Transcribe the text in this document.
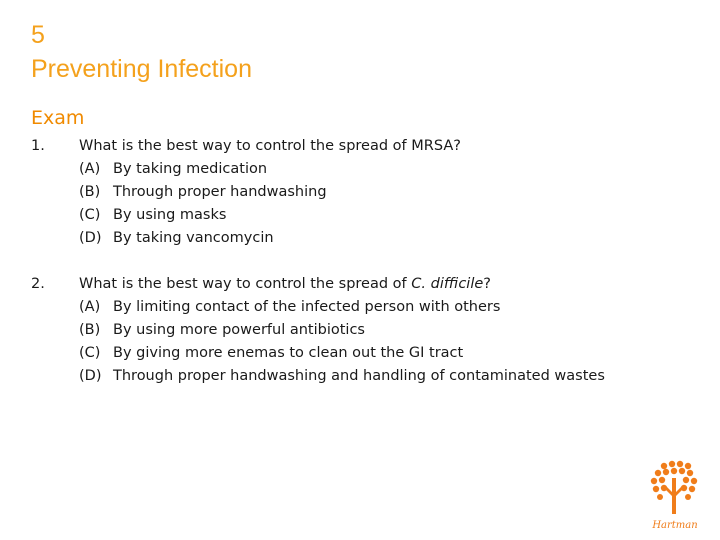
5
Preventing Infection
Exam
1.	What is the best way to control the spread of MRSA?
(A) By taking medication
(B) Through proper handwashing
(C) By using masks
(D) By taking vancomycin
2.	What is the best way to control the spread of C. difficile?
(A) By limiting contact of the infected person with others
(B) By using more powerful antibiotics
(C) By giving more enemas to clean out the GI tract
(D) Through proper handwashing and handling of contaminated wastes
Hartman
